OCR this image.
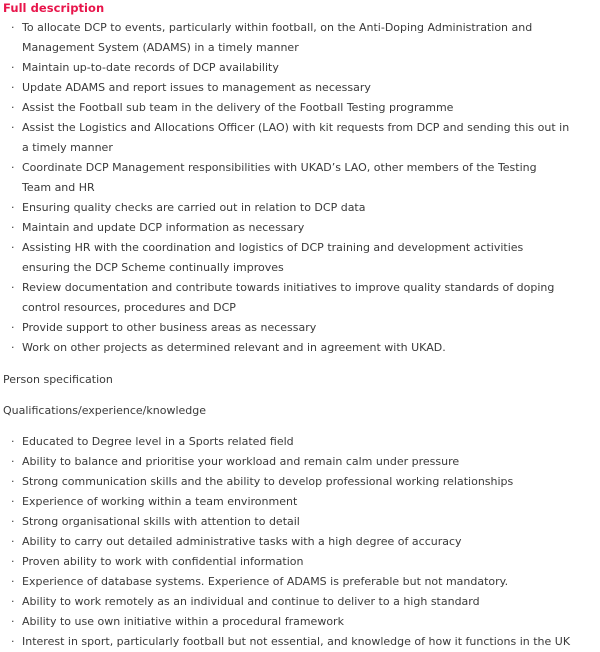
Full description
· To allocate DCP to events, particularly within football, on the Anti-Doping Administration and
Management System (ADAMS) in a timely manner
· Maintain up-to-date records of DCP availability
· Update ADAMS and report issues to management as necessary
· Assist the Football sub team in the delivery of the Football Testing programme
· Assist the Logistics and Allocations Officer (LAO) with kit requests from DCP and sending this out in
a timely manner
· Coordinate DCP Management responsibilities with UKAD’s LAO, other members of the Testing
Team and HR
· Ensuring quality checks are carried out in relation to DCP data
· Maintain and update DCP information as necessary
· Assisting HR with the coordination and logistics of DCP training and development activities
ensuring the DCP Scheme continually improves
· Review documentation and contribute towards initiatives to improve quality standards of doping
control resources, procedures and DCP
· Provide support to other business areas as necessary
· Work on other projects as determined relevant and in agreement with UKAD.
Person specification
Qualifications/experience/knowledge
· Educated to Degree level in a Sports related field
· Ability to balance and prioritise your workload and remain calm under pressure
· Strong communication skills and the ability to develop professional working relationships
· Experience of working within a team environment
· Strong organisational skills with attention to detail
· Ability to carry out detailed administrative tasks with a high degree of accuracy
· Proven ability to work with confidential information
· Experience of database systems. Experience of ADAMS is preferable but not mandatory.
· Ability to work remotely as an individual and continue to deliver to a high standard
· Ability to use own initiative within a procedural framework
· Interest in sport, particularly football but not essential, and knowledge of how it functions in the UK
